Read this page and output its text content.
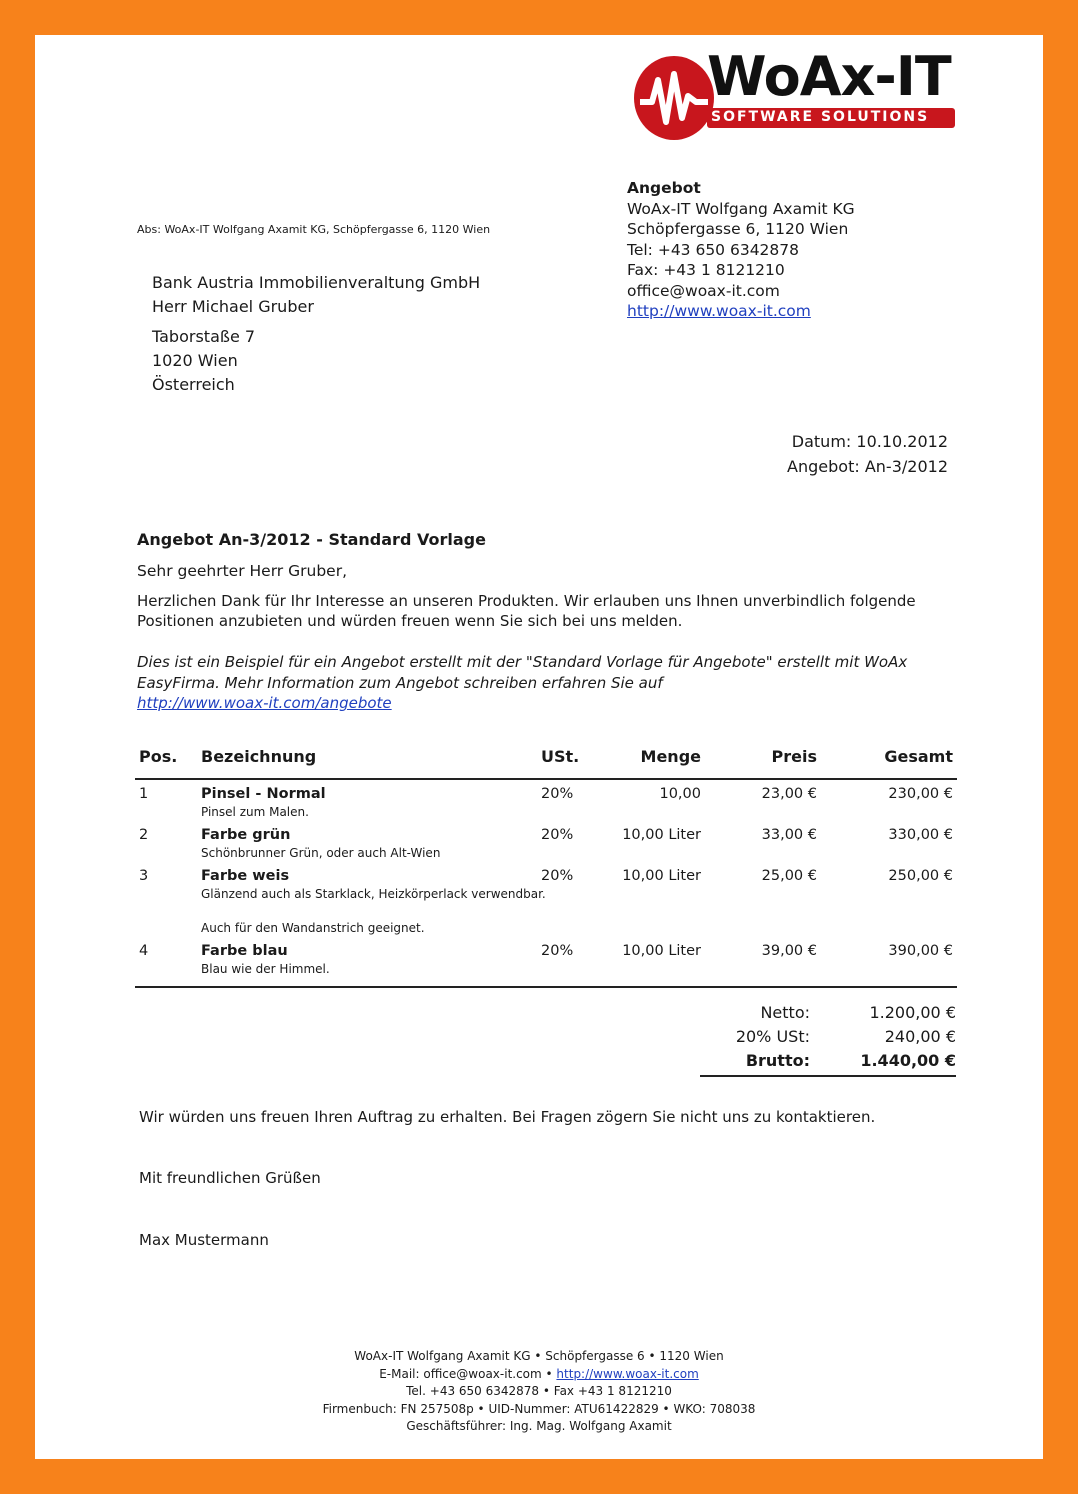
WoAx-IT
SOFTWARE SOLUTIONS
Abs: WoAx-IT Wolfgang Axamit KG, Schöpfergasse 6, 1120 Wien
Angebot
WoAx-IT Wolfgang Axamit KG
Schöpfergasse 6, 1120 Wien
Tel: +43 650 6342878
Fax: +43 1 8121210
office@woax-it.com
http://www.woax-it.com
Bank Austria Immobilienveraltung GmbH
Herr Michael Gruber
Taborstaße 7
1020 Wien
Österreich
Datum: 10.10.2012
Angebot: An-3/2012
Angebot An-3/2012 - Standard Vorlage
Sehr geehrter Herr Gruber,
Herzlichen Dank für Ihr Interesse an unseren Produkten. Wir erlauben uns Ihnen unverbindlich folgende Positionen anzubieten und würden freuen wenn Sie sich bei uns melden.
Dies ist ein Beispiel für ein Angebot erstellt mit der "Standard Vorlage für Angebote" erstellt mit WoAx EasyFirma. Mehr Information zum Angebot schreiben erfahren Sie auf
http://www.woax-it.com/angebote
Pos.	Bezeichnung	USt.	Menge	Preis	Gesamt
1	Pinsel - Normal	20%	10,00	23,00 €	230,00 €
	Pinsel zum Malen.				
2	Farbe grün	20%	10,00 Liter	33,00 €	330,00 €
	Schönbrunner Grün, oder auch Alt-Wien				
3	Farbe weis	20%	10,00 Liter	25,00 €	250,00 €

	Glänzend auch als Starklack, Heizkörperlack verwendbar.
Auch für den Wandanstrich geeignet.				

4	Farbe blau	20%	10,00 Liter	39,00 €	390,00 €
	Blau wie der Himmel.				
Netto:	1.200,00 €
20% USt:	240,00 €
Brutto:	1.440,00 €
Wir würden uns freuen Ihren Auftrag zu erhalten. Bei Fragen zögern Sie nicht uns zu kontaktieren.
Mit freundlichen Grüßen
Max Mustermann
WoAx-IT Wolfgang Axamit KG • Schöpfergasse 6 • 1120 Wien
E-Mail: office@woax-it.com • http://www.woax-it.com
Tel. +43 650 6342878 • Fax +43 1 8121210
Firmenbuch: FN 257508p • UID-Nummer: ATU61422829 • WKO: 708038
Geschäftsführer: Ing. Mag. Wolfgang Axamit
